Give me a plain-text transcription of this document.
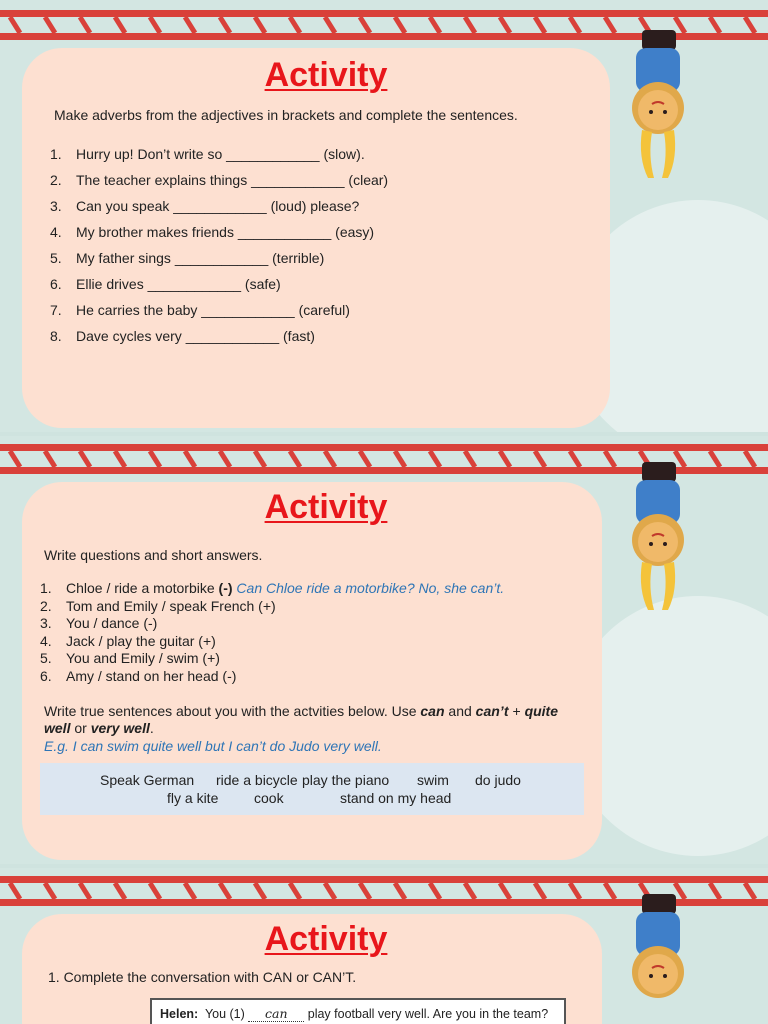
Activity

Make adverbs from the adjectives in brackets and complete the sentences.

1.	Hurry up! Don’t write so ____________ (slow).
2.	The teacher explains things ____________ (clear)
3.	Can you speak ____________ (loud) please?
4.	My brother makes friends ____________ (easy)
5.	My father sings ____________ (terrible)
6.	Ellie drives ____________ (safe)
7.	He carries the baby ____________ (careful)
8.	Dave cycles very ____________ (fast)
Activity

Write questions and short answers.

1.	Chloe / ride a motorbike (-) Can Chloe ride a motorbike? No, she can’t.
2.	Tom and Emily / speak French (+)
3.	You / dance (-)
4.	Jack / play the guitar (+)
5.	You and Emily / swim (+)
6.	Amy / stand on her head (-)

Write true sentences about you with the actvities below. Use can and can’t + quite well or very well.

E.g. I can swim quite well but I can’t do Judo very well.

Speak German ride a bicycle play the piano swim do judo
fly a kite	cook	stand on my head
Activity

1. Complete the conversation with CAN or CAN’T.

Helen: You (1) can play football very well. Are you in the team?
